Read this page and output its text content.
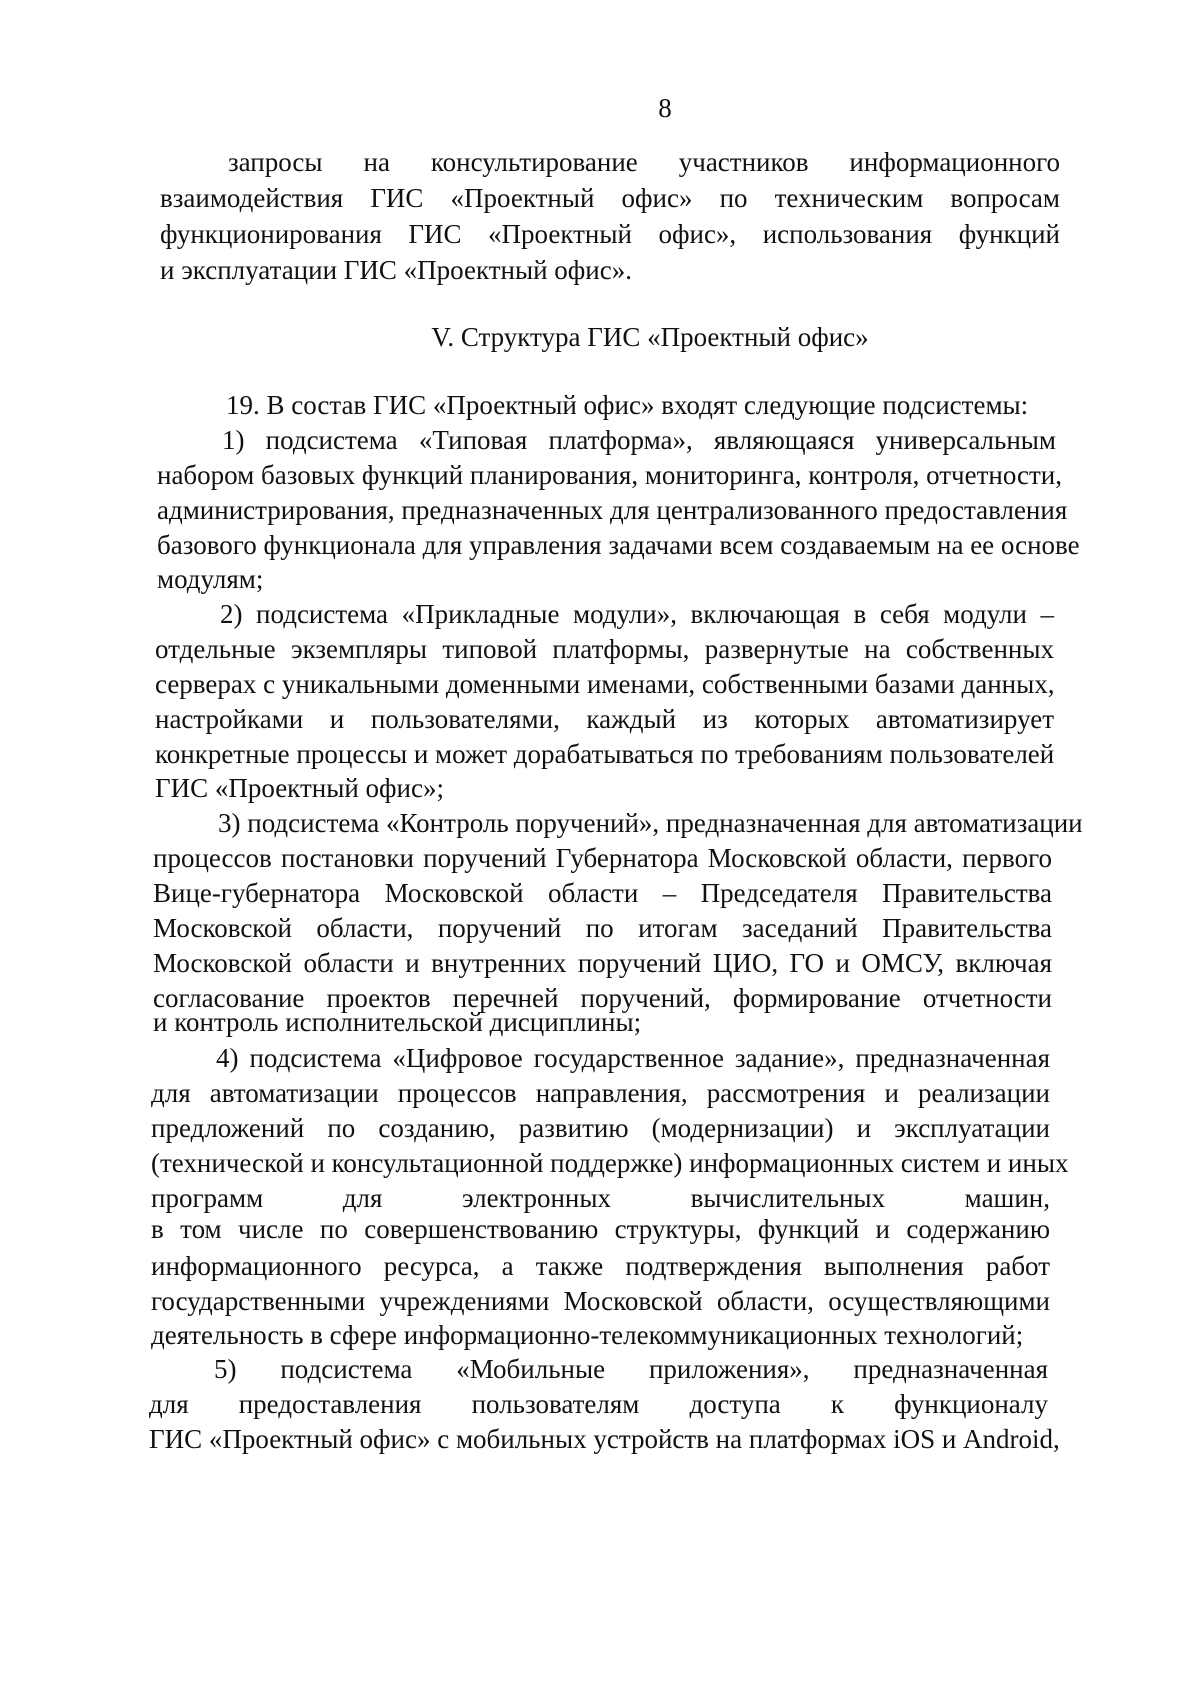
8
запросы на консультирование участников информационного
взаимодействия ГИС «Проектный офис» по техническим вопросам
функционирования ГИС «Проектный офис», использования функций
и эксплуатации ГИС «Проектный офис».
V. Структура ГИС «Проектный офис»
19. В состав ГИС «Проектный офис» входят следующие подсистемы:
1) подсистема «Типовая платформа», являющаяся универсальным
набором базовых функций планирования, мониторинга, контроля, отчетности,
администрирования, предназначенных для централизованного предоставления
базового функционала для управления задачами всем создаваемым на ее основе
модулям;
2) подсистема «Прикладные модули», включающая в себя модули –
отдельные экземпляры типовой платформы, развернутые на собственных
серверах с уникальными доменными именами, собственными базами данных,
настройками и пользователями, каждый из которых автоматизирует
конкретные процессы и может дорабатываться по требованиям пользователей
ГИС «Проектный офис»;
3) подсистема «Контроль поручений», предназначенная для автоматизации
процессов постановки поручений Губернатора Московской области, первого
Вице-губернатора Московской области – Председателя Правительства
Московской области, поручений по итогам заседаний Правительства
Московской области и внутренних поручений ЦИО, ГО и ОМСУ, включая
согласование проектов перечней поручений, формирование отчетности
и контроль исполнительской дисциплины;
4) подсистема «Цифровое государственное задание», предназначенная
для автоматизации процессов направления, рассмотрения и реализации
предложений по созданию, развитию (модернизации) и эксплуатации
(технической и консультационной поддержке) информационных систем и иных
программ для электронных вычислительных машин,
в том числе по совершенствованию структуры, функций и содержанию
информационного ресурса, а также подтверждения выполнения работ
государственными учреждениями Московской области, осуществляющими
деятельность в сфере информационно-телекоммуникационных технологий;
5) подсистема «Мобильные приложения», предназначенная
для предоставления пользователям доступа к функционалу
ГИС «Проектный офис» с мобильных устройств на платформах iOS и Android,
